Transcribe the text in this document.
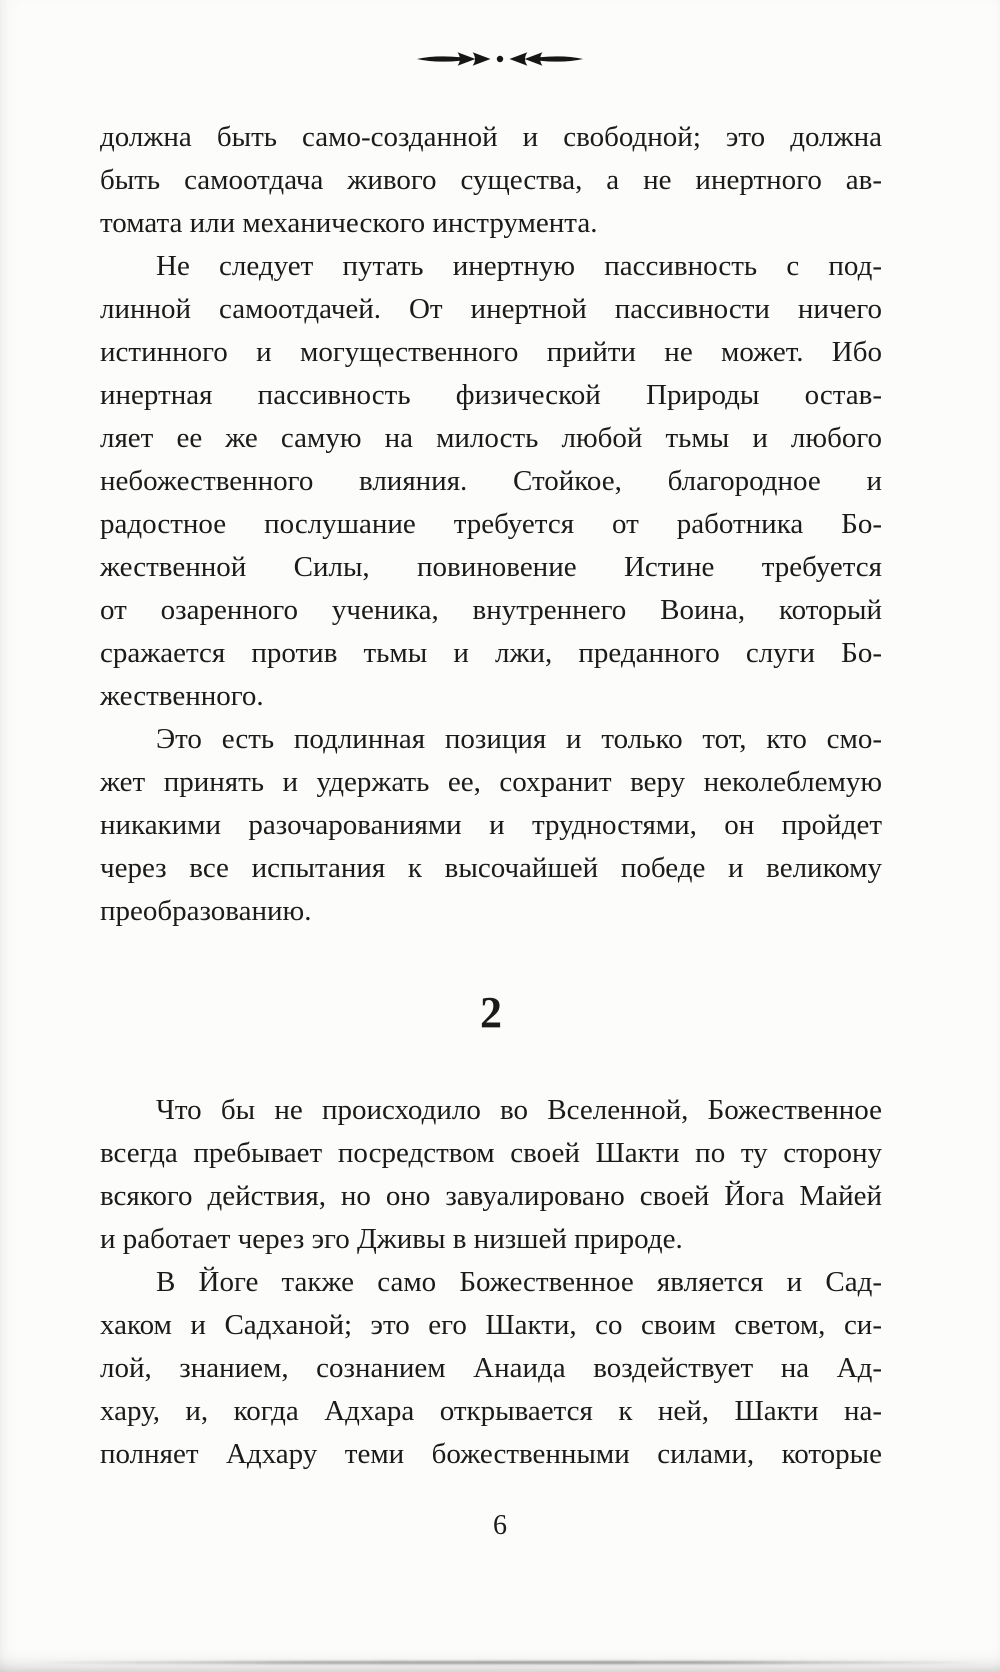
должна быть само-созданной и свободной; это должна
быть самоотдача живого существа, а не инертного ав-
томата или механического инструмента.

Не следует путать инертную пассивность с под-
линной самоотдачей. От инертной пассивности ничего
истинного и могущественного прийти не может. Ибо
инертная пассивность физической Природы остав-
ляет ее же самую на милость любой тьмы и любого
небожественного влияния. Стойкое, благородное и
радостное послушание требуется от работника Бо-
жественной Силы, повиновение Истине требуется
от озаренного ученика, внутреннего Воина, который
сражается против тьмы и лжи, преданного слуги Бо-
жественного.

Это есть подлинная позиция и только тот, кто смо-
жет принять и удержать ее, сохранит веру неколеблемую
никакими разочарованиями и трудностями, он пройдет
через все испытания к высочайшей победе и великому
преобразованию.

2

Что бы не происходило во Вселенной, Божественное
всегда пребывает посредством своей Шакти по ту сторону
всякого действия, но оно завуалировано своей Йога Майей
и работает через эго Дживы в низшей природе.

В Йоге также само Божественное является и Сад-
хаком и Садханой; это его Шакти, со своим светом, си-
лой, знанием, сознанием Анаида воздействует на Ад-
хару, и, когда Адхара открывается к ней, Шакти на-
полняет Адхару теми божественными силами, которые

6
